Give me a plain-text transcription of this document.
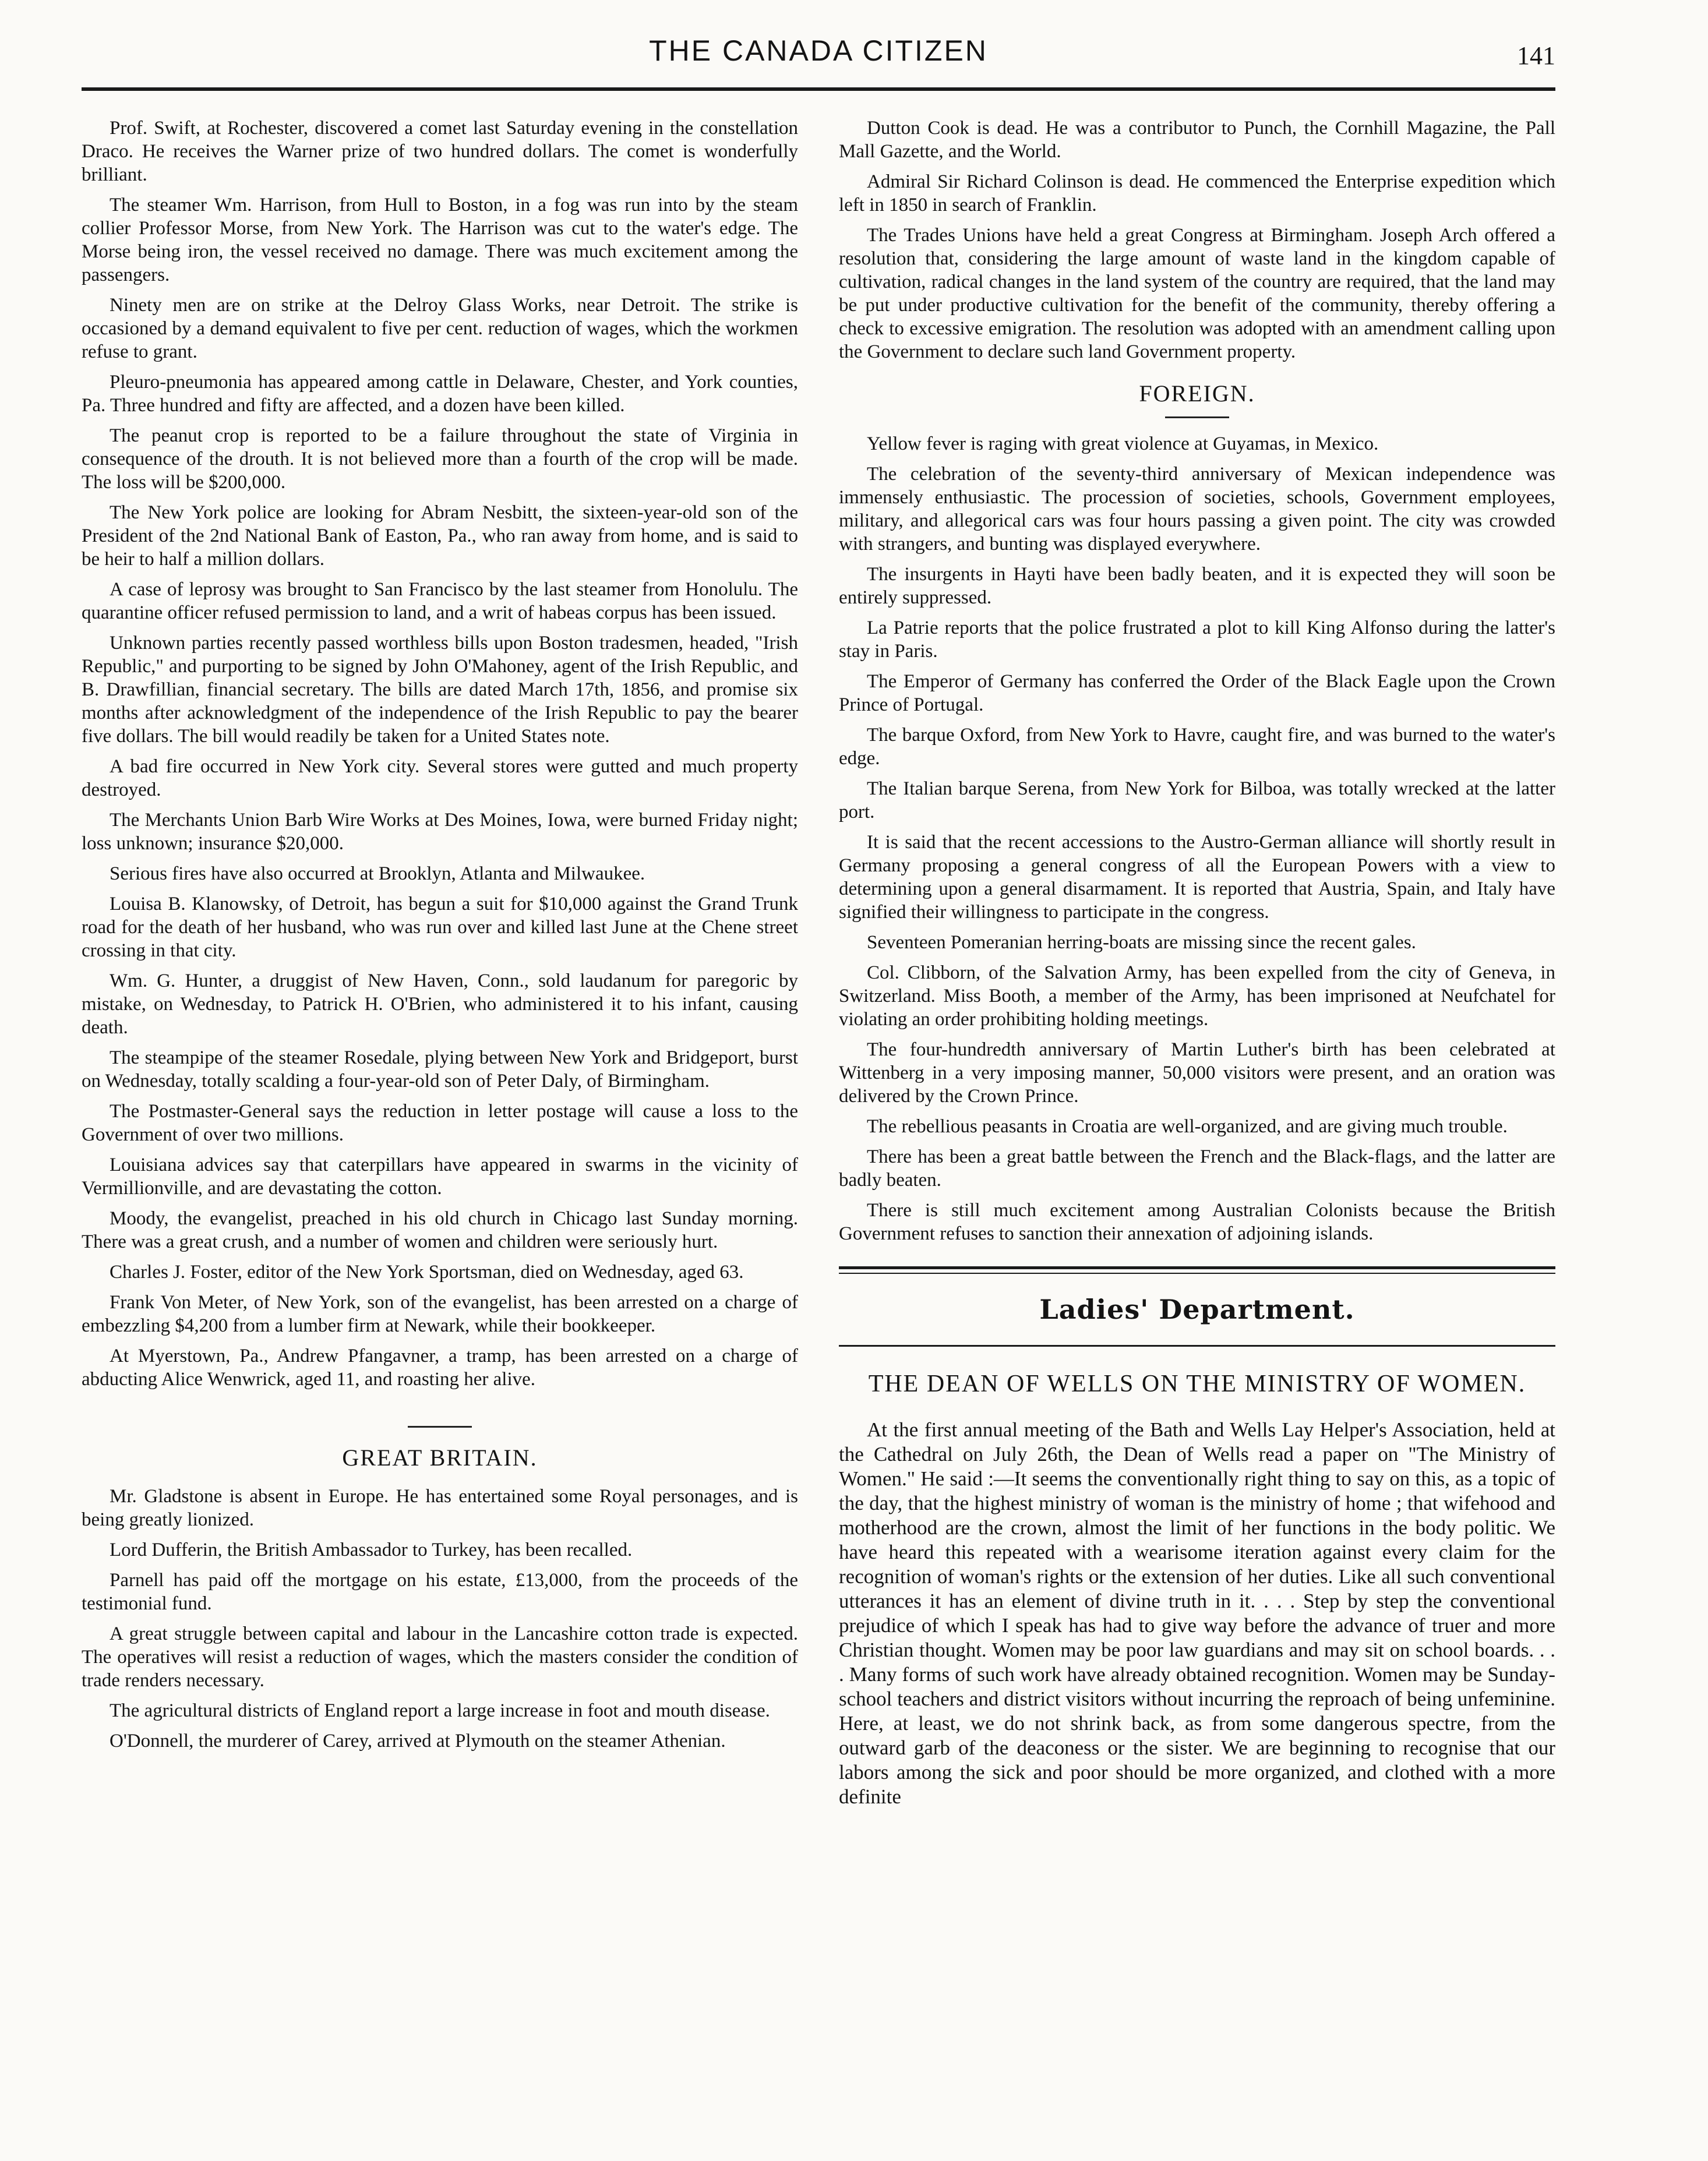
THE CANADA CITIZEN	141

Prof. Swift, at Rochester, discovered a comet last Saturday evening in the constellation Draco. He receives the Warner prize of two hundred dollars. The comet is wonderfully brilliant.

The steamer Wm. Harrison, from Hull to Boston, in a fog was run into by the steam collier Professor Morse, from New York. The Harrison was cut to the water's edge. The Morse being iron, the vessel received no damage. There was much excitement among the passengers.

Ninety men are on strike at the Delroy Glass Works, near Detroit. The strike is occasioned by a demand equivalent to five per cent. reduction of wages, which the workmen refuse to grant.

Pleuro-pneumonia has appeared among cattle in Delaware, Chester, and York counties, Pa. Three hundred and fifty are affected, and a dozen have been killed.

The peanut crop is reported to be a failure throughout the state of Virginia in consequence of the drouth. It is not believed more than a fourth of the crop will be made. The loss will be $200,000.

The New York police are looking for Abram Nesbitt, the sixteen-year-old son of the President of the 2nd National Bank of Easton, Pa., who ran away from home, and is said to be heir to half a million dollars.

A case of leprosy was brought to San Francisco by the last steamer from Honolulu. The quarantine officer refused permission to land, and a writ of habeas corpus has been issued.

Unknown parties recently passed worthless bills upon Boston tradesmen, headed, "Irish Republic," and purporting to be signed by John O'Mahoney, agent of the Irish Republic, and B. Drawfillian, financial secretary. The bills are dated March 17th, 1856, and promise six months after acknowledgment of the independence of the Irish Republic to pay the bearer five dollars. The bill would readily be taken for a United States note.

A bad fire occurred in New York city. Several stores were gutted and much property destroyed.

The Merchants Union Barb Wire Works at Des Moines, Iowa, were burned Friday night; loss unknown; insurance $20,000.

Serious fires have also occurred at Brooklyn, Atlanta and Milwaukee.

Louisa B. Klanowsky, of Detroit, has begun a suit for $10,000 against the Grand Trunk road for the death of her husband, who was run over and killed last June at the Chene street crossing in that city.

Wm. G. Hunter, a druggist of New Haven, Conn., sold laudanum for paregoric by mistake, on Wednesday, to Patrick H. O'Brien, who administered it to his infant, causing death.

The steampipe of the steamer Rosedale, plying between New York and Bridgeport, burst on Wednesday, totally scalding a four-year-old son of Peter Daly, of Birmingham.

The Postmaster-General says the reduction in letter postage will cause a loss to the Government of over two millions.

Louisiana advices say that caterpillars have appeared in swarms in the vicinity of Vermillionville, and are devastating the cotton.

Moody, the evangelist, preached in his old church in Chicago last Sunday morning. There was a great crush, and a number of women and children were seriously hurt.

Charles J. Foster, editor of the New York Sportsman, died on Wednesday, aged 63.

Frank Von Meter, of New York, son of the evangelist, has been arrested on a charge of embezzling $4,200 from a lumber firm at Newark, while their bookkeeper.

At Myerstown, Pa., Andrew Pfangavner, a tramp, has been arrested on a charge of abducting Alice Wenwrick, aged 11, and roasting her alive.

GREAT BRITAIN.

Mr. Gladstone is absent in Europe. He has entertained some Royal personages, and is being greatly lionized.

Lord Dufferin, the British Ambassador to Turkey, has been recalled.

Parnell has paid off the mortgage on his estate, £13,000, from the proceeds of the testimonial fund.

A great struggle between capital and labour in the Lancashire cotton trade is expected. The operatives will resist a reduction of wages, which the masters consider the condition of trade renders necessary.

The agricultural districts of England report a large increase in foot and mouth disease.

O'Donnell, the murderer of Carey, arrived at Plymouth on the steamer Athenian.

Dutton Cook is dead. He was a contributor to Punch, the Cornhill Magazine, the Pall Mall Gazette, and the World.

Admiral Sir Richard Colinson is dead. He commenced the Enterprise expedition which left in 1850 in search of Franklin.

The Trades Unions have held a great Congress at Birmingham. Joseph Arch offered a resolution that, considering the large amount of waste land in the kingdom capable of cultivation, radical changes in the land system of the country are required, that the land may be put under productive cultivation for the benefit of the community, thereby offering a check to excessive emigration. The resolution was adopted with an amendment calling upon the Government to declare such land Government property.

FOREIGN.

Yellow fever is raging with great violence at Guyamas, in Mexico.

The celebration of the seventy-third anniversary of Mexican independence was immensely enthusiastic. The procession of societies, schools, Government employees, military, and allegorical cars was four hours passing a given point. The city was crowded with strangers, and bunting was displayed everywhere.

The insurgents in Hayti have been badly beaten, and it is expected they will soon be entirely suppressed.

La Patrie reports that the police frustrated a plot to kill King Alfonso during the latter's stay in Paris.

The Emperor of Germany has conferred the Order of the Black Eagle upon the Crown Prince of Portugal.

The barque Oxford, from New York to Havre, caught fire, and was burned to the water's edge.

The Italian barque Serena, from New York for Bilboa, was totally wrecked at the latter port.

It is said that the recent accessions to the Austro-German alliance will shortly result in Germany proposing a general congress of all the European Powers with a view to determining upon a general disarmament. It is reported that Austria, Spain, and Italy have signified their willingness to participate in the congress.

Seventeen Pomeranian herring-boats are missing since the recent gales.

Col. Clibborn, of the Salvation Army, has been expelled from the city of Geneva, in Switzerland. Miss Booth, a member of the Army, has been imprisoned at Neufchatel for violating an order prohibiting holding meetings.

The four-hundredth anniversary of Martin Luther's birth has been celebrated at Wittenberg in a very imposing manner, 50,000 visitors were present, and an oration was delivered by the Crown Prince.

The rebellious peasants in Croatia are well-organized, and are giving much trouble.

There has been a great battle between the French and the Black-flags, and the latter are badly beaten.

There is still much excitement among Australian Colonists because the British Government refuses to sanction their annexation of adjoining islands.

Ladies' Department.
THE DEAN OF WELLS ON THE MINISTRY OF WOMEN.

At the first annual meeting of the Bath and Wells Lay Helper's Association, held at the Cathedral on July 26th, the Dean of Wells read a paper on "The Ministry of Women." He said :—It seems the conventionally right thing to say on this, as a topic of the day, that the highest ministry of woman is the ministry of home ; that wifehood and motherhood are the crown, almost the limit of her functions in the body politic. We have heard this repeated with a wearisome iteration against every claim for the recognition of woman's rights or the extension of her duties. Like all such conventional utterances it has an element of divine truth in it. . . . Step by step the conventional prejudice of which I speak has had to give way before the advance of truer and more Christian thought. Women may be poor law guardians and may sit on school boards. . . . Many forms of such work have already obtained recognition. Women may be Sunday-school teachers and district visitors without incurring the reproach of being unfeminine. Here, at least, we do not shrink back, as from some dangerous spectre, from the outward garb of the deaconess or the sister. We are beginning to recognise that our labors among the sick and poor should be more organized, and clothed with a more definite
